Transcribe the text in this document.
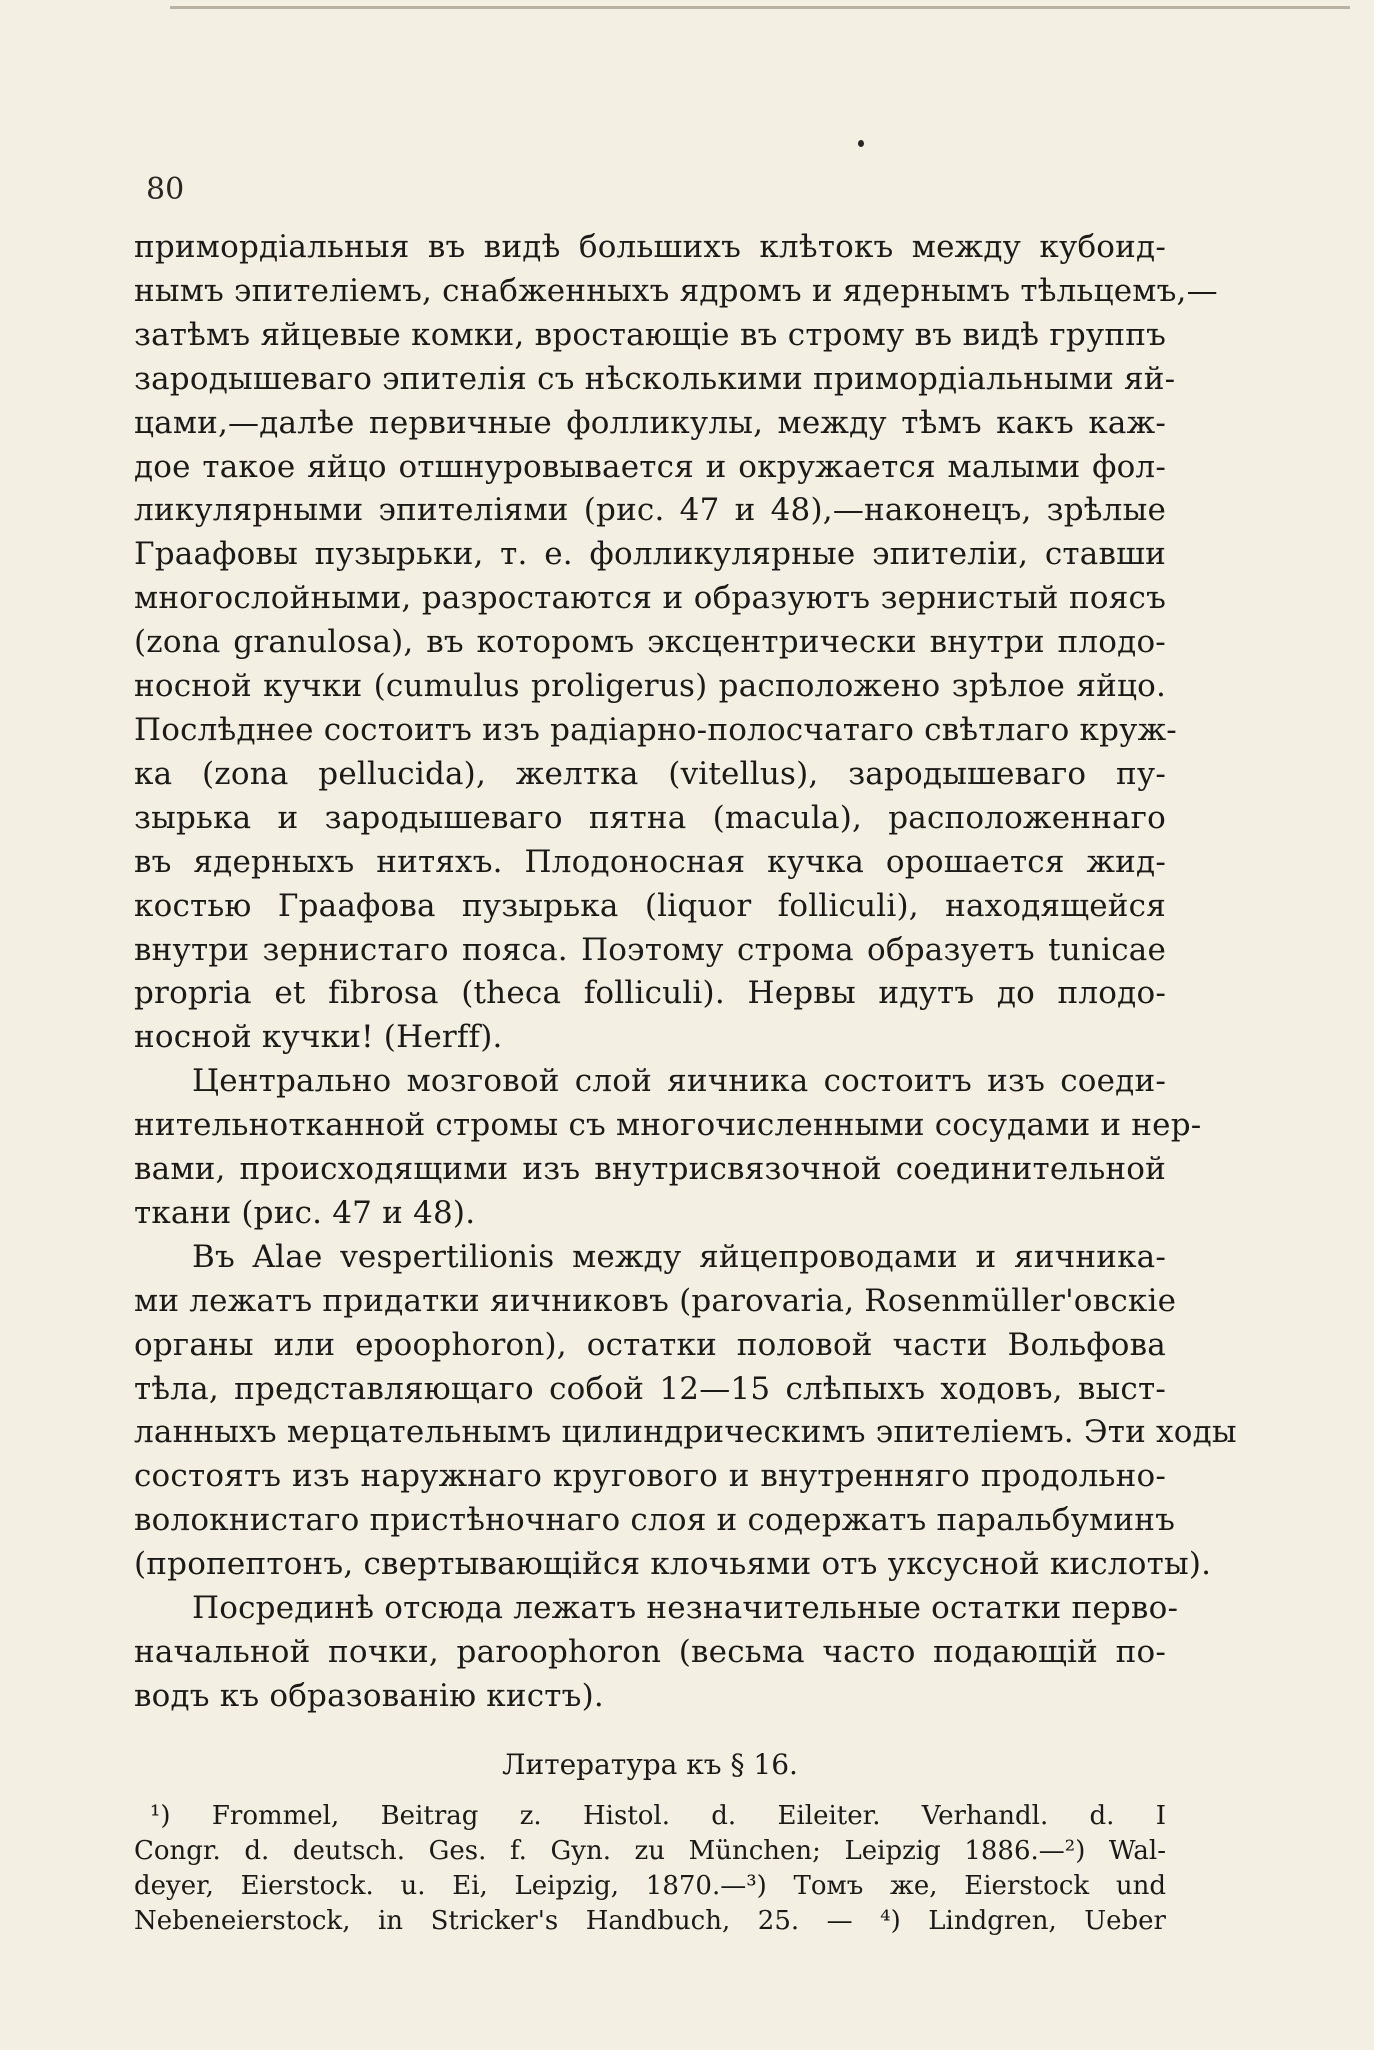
80
примордіальныя въ видѣ большихъ клѣтокъ между кубоид-
нымъ эпителіемъ, снабженныхъ ядромъ и ядернымъ тѣльцемъ,—
затѣмъ яйцевые комки, вростающіе въ строму въ видѣ группъ
зародышеваго эпителія съ нѣсколькими примордіальными яй-
цами,—далѣе первичные фолликулы, между тѣмъ какъ каж-
дое такое яйцо отшнуровывается и окружается малыми фол-
ликулярными эпителіями (рис. 47 и 48),—наконецъ, зрѣлые
Граафовы пузырьки, т. е. фолликулярные эпителіи, ставши
многослойными, разростаются и образуютъ зернистый поясъ
(zona granulosa), въ которомъ эксцентрически внутри плодо-
носной кучки (cumulus proligerus) расположено зрѣлое яйцо.
Послѣднее состоитъ изъ радіарно-полосчатаго свѣтлаго круж-
ка (zona pellucida), желтка (vitellus), зародышеваго пу-
зырька и зародышеваго пятна (macula), расположеннаго
въ ядерныхъ нитяхъ. Плодоносная кучка орошается жид-
костью Граафова пузырька (liquor folliculi), находящейся
внутри зернистаго пояса. Поэтому строма образуетъ tunicae
propria et fibrosa (theca folliculi). Нервы идутъ до плодо-
носной кучки! (Herff).
Центрально мозговой слой яичника состоитъ изъ соеди-
нительнотканной стромы съ многочисленными сосудами и нер-
вами, происходящими изъ внутрисвязочной соединительной
ткани (рис. 47 и 48).
Въ Alae vespertilionis между яйцепроводами и яичника-
ми лежатъ придатки яичниковъ (parovaria, Rosenmüller'овскіе
органы или epoophoron), остатки половой части Вольфова
тѣла, представляющаго собой 12—15 слѣпыхъ ходовъ, выст-
ланныхъ мерцательнымъ цилиндрическимъ эпителіемъ. Эти ходы
состоятъ изъ наружнаго кругового и внутренняго продольно-
волокнистаго пристѣночнаго слоя и содержатъ паральбуминъ
(пропептонъ, свертывающійся клочьями отъ уксусной кислоты).
Посрединѣ отсюда лежатъ незначительные остатки перво-
начальной почки, paroophoron (весьма часто подающій по-
водъ къ образованію кистъ).
Литература къ § 16.
¹) Frommel, Beitrag z. Histol. d. Eileiter. Verhandl. d. I
Congr. d. deutsch. Ges. f. Gyn. zu München; Leipzig 1886.—²) Wal-
deyer, Eierstock. u. Ei, Leipzig, 1870.—³) Томъ же, Eierstock und
Nebeneierstock, in Stricker's Handbuch, 25. — ⁴) Lindgren, Ueber
